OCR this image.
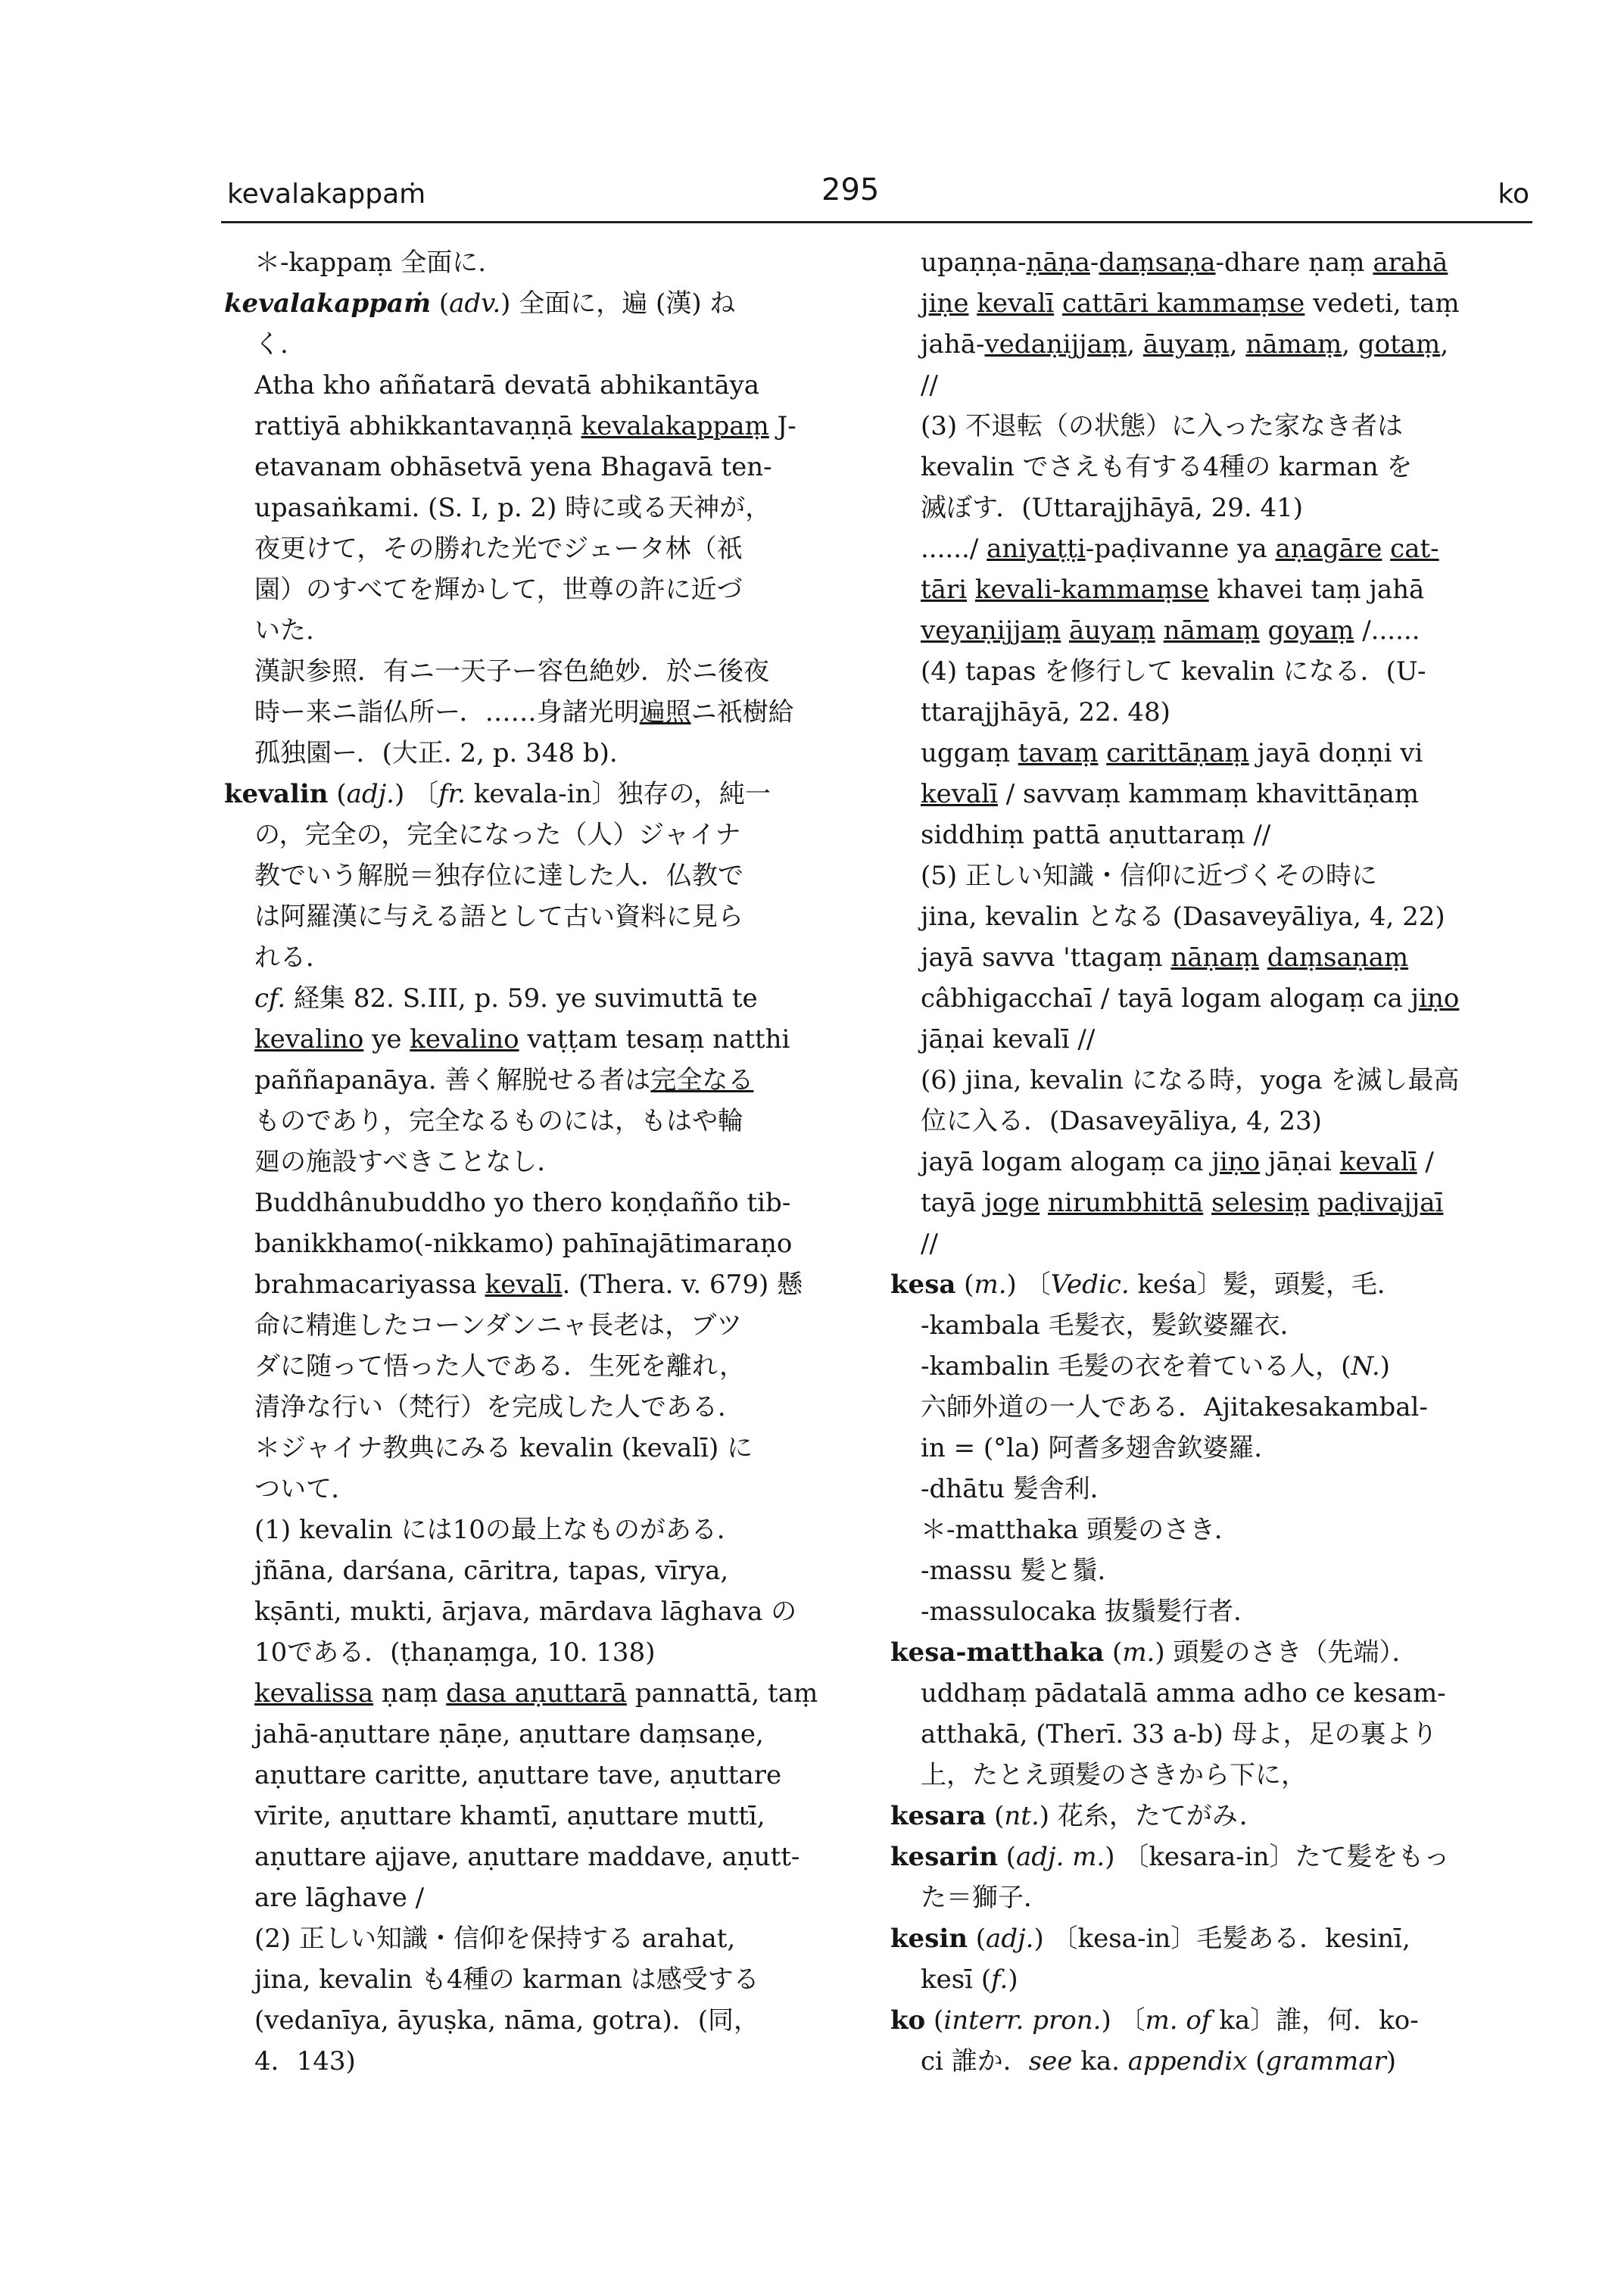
kevalakappaṁ	295	ko

＊-kappaṃ 全面に.

kevalakappaṁ (adv.) 全面に，遍 (漢) ね

く.

Atha kho aññatarā devatā abhikantāya

rattiyā abhikkantavaṇṇā kevalakappaṃ J-

etavanam obhāsetvā yena Bhagavā ten-

upasaṅkami. (S. I, p. 2) 時に或る天神が，

夜更けて，その勝れた光でジェータ林（祇

園）のすべてを輝かして，世尊の許に近づ

いた.

漢訳参照．有ニ一天子ー容色絶妙．於ニ後夜

時ー来ニ詣仏所ー．……身諸光明遍照ニ祇樹給

孤独園ー．(大正. 2, p. 348 b).

kevalin (adj.) 〔fr. kevala-in〕独存の，純一

の，完全の，完全になった（人）ジャイナ

教でいう解脱＝独存位に達した人．仏教で

は阿羅漢に与える語として古い資料に見ら

れる．

cf. 経集 82. S.III, p. 59. ye suvimuttā te

kevalino ye kevalino vaṭṭam tesaṃ natthi

paññapanāya. 善く解脱せる者は完全なる

ものであり，完全なるものには，もはや輪

廻の施設すべきことなし．

Buddhânubuddho yo thero koṇḍañño tib-

banikkhamo(-nikkamo) pahīnajātimaraṇo

brahmacariyassa kevalī. (Thera. v. 679) 懸

命に精進したコーンダンニャ長老は，ブツ

ダに随って悟った人である．生死を離れ，

清浄な行い（梵行）を完成した人である．

＊ジャイナ教典にみる kevalin (kevalī) に

ついて．

(1) kevalin には10の最上なものがある．

jñāna, darśana, cāritra, tapas, vīrya,

kṣānti, mukti, ārjava, mārdava lāghava の

10である．(ṭhaṇaṃga, 10. 138)

kevalissa ṇaṃ dasa aṇuttarā pannattā, taṃ

jahā-aṇuttare ṇāṇe, aṇuttare daṃsaṇe,

aṇuttare caritte, aṇuttare tave, aṇuttare

vīrite, aṇuttare khamtī, aṇuttare muttī,

aṇuttare ajjave, aṇuttare maddave, aṇutt-

are lāghave /

(2) 正しい知識・信仰を保持する arahat,

jina, kevalin も4種の karman は感受する

(vedanīya, āyuṣka, nāma, gotra)．(同，

4．143)

upaṇṇa-ṇāṇa-daṃsaṇa-dhare ṇaṃ arahā

jiṇe kevalī cattāri kammaṃse vedeti, taṃ

jahā-vedaṇijjaṃ, āuyaṃ, nāmaṃ, gotaṃ,

//

(3) 不退転（の状態）に入った家なき者は

kevalin でさえも有する4種の karman を

滅ぼす．(Uttarajjhāyā, 29. 41)

....../ aniyaṭṭi-paḍivanne ya aṇagāre cat-

tāri kevali-kammaṃse khavei taṃ jahā

veyaṇijjaṃ āuyaṃ nāmaṃ goyaṃ /......

(4) tapas を修行して kevalin になる．(U-

ttarajjhāyā, 22. 48)

uggaṃ tavaṃ carittāṇaṃ jayā doṇṇi vi

kevalī / savvaṃ kammaṃ khavittāṇaṃ

siddhiṃ pattā aṇuttaraṃ //

(5) 正しい知識・信仰に近づくその時に

jina, kevalin となる (Dasaveyāliya, 4, 22)

jayā savva 'ttagaṃ nāṇaṃ daṃsaṇaṃ

câbhigacchaī / tayā logam alogaṃ ca jiṇo

jāṇai kevalī //

(6) jina, kevalin になる時，yoga を滅し最高

位に入る．(Dasaveyāliya, 4, 23)

jayā logam alogaṃ ca jiṇo jāṇai kevalī /

tayā joge nirumbhittā selesiṃ paḍivajjaī

//

kesa (m.) 〔Vedic. keśa〕髪，頭髪，毛．

-kambala 毛髪衣，髪欽婆羅衣．

-kambalin 毛髪の衣を着ている人，(N.)

六師外道の一人である．Ajitakesakambal-

in = (°la) 阿耆多翅舎欽婆羅．

-dhātu 髪舎利．

＊-matthaka 頭髪のさき．

-massu 髪と鬚．

-massulocaka 抜鬚髪行者．

kesa-matthaka (m.) 頭髪のさき（先端）．

uddhaṃ pādatalā amma adho ce kesam-

atthakā, (Therī. 33 a-b) 母よ，足の裏より

上，たとえ頭髪のさきから下に，

kesara (nt.) 花糸，たてがみ．

kesarin (adj. m.) 〔kesara-in〕たて髪をもっ

た＝獅子．

kesin (adj.) 〔kesa-in〕毛髪ある．kesinī,

kesī (f.)

ko (interr. pron.) 〔m. of ka〕誰，何．ko-

ci 誰か．see ka. appendix (grammar)
